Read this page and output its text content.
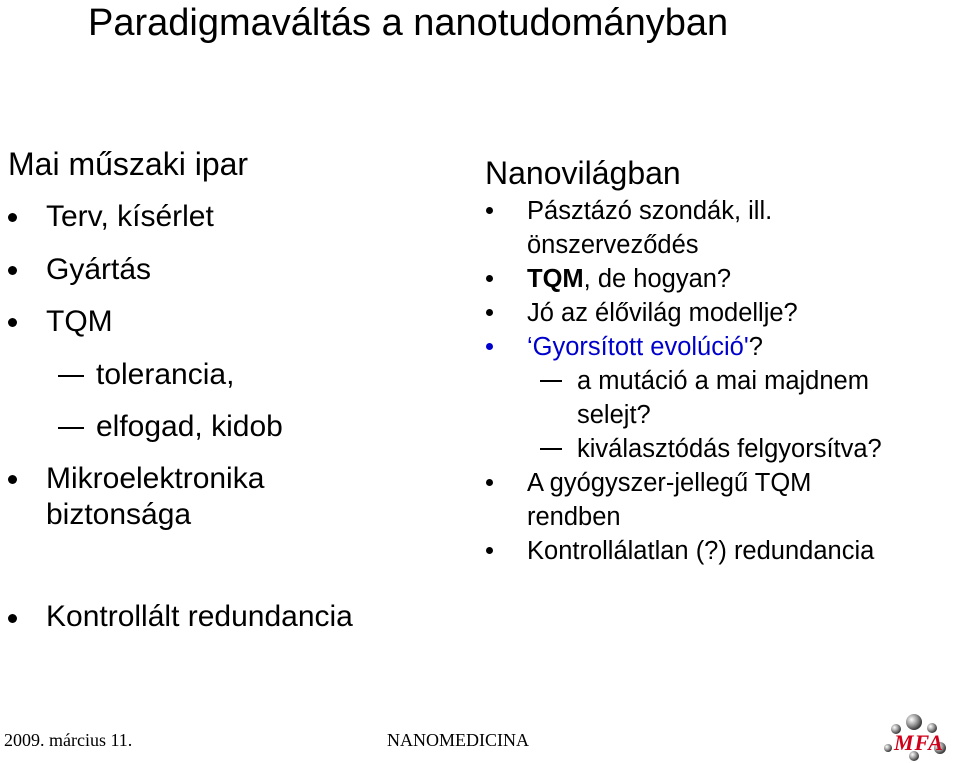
Paradigmaváltás a nanotudományban
Mai műszaki ipar
Terv, kísérlet
Gyártás
TQM
tolerancia,
elfogad, kidob
Mikroelektronika
biztonsága
Nanovilágban
Pásztázó szondák, ill.
önszerveződés
TQM, de hogyan?
Jó az élővilág modellje?
‘Gyorsított evolúció'?
a mutáció a mai majdnem
selejt?
kiválasztódás felgyorsítva?
A gyógyszer-jellegű TQM
rendben
Kontrollálatlan (?) redundancia
Kontrollált redundancia
2009. március 11.	NANOMEDICINA	MFA
